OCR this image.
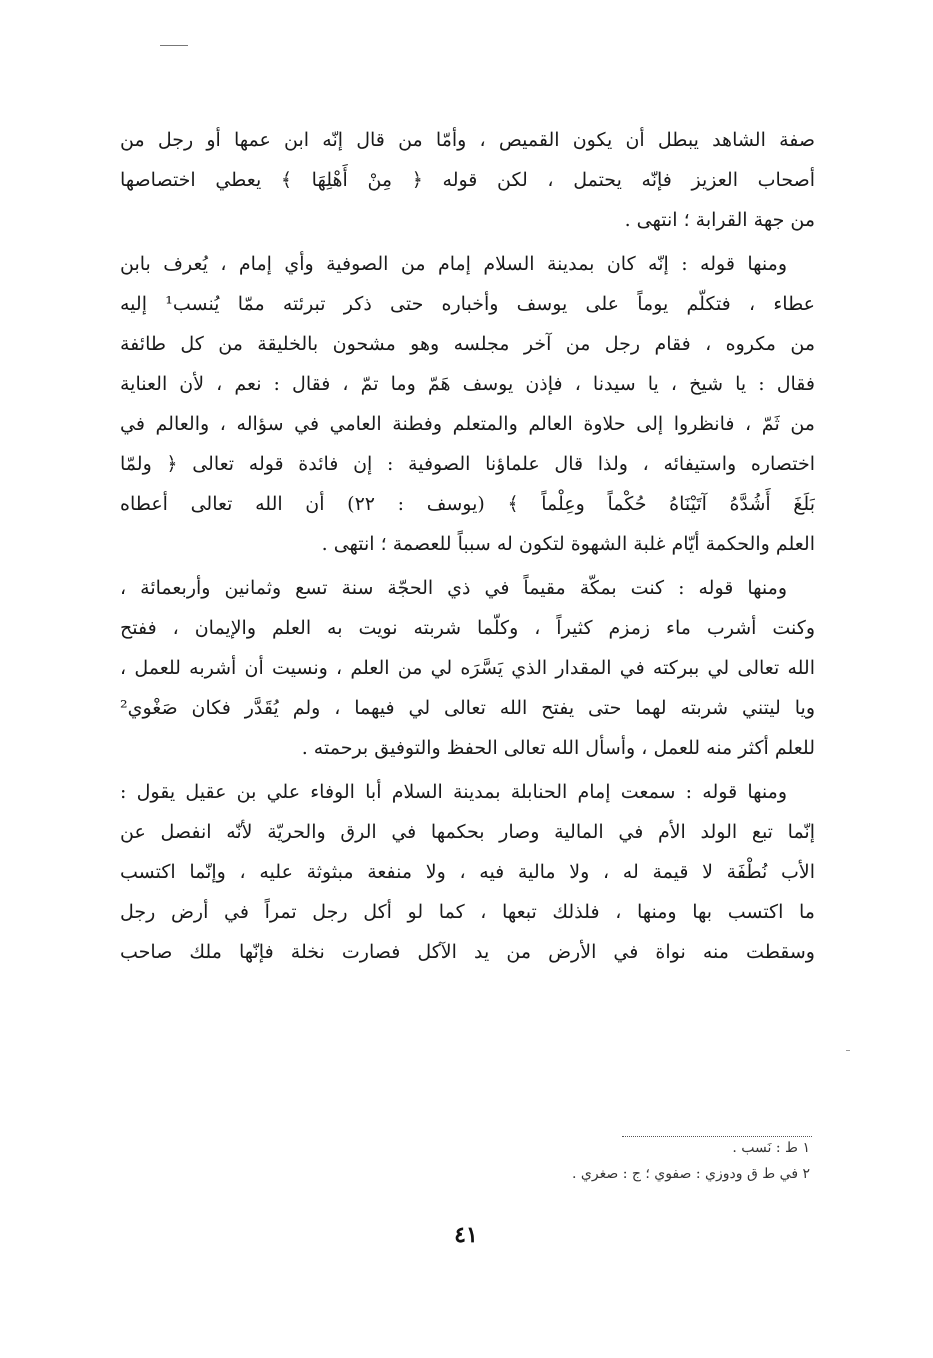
صفة الشاهد يبطل أن يكون القميص ، وأمّا من قال إنّه ابن عمها أو رجل من
أصحاب العزيز فإنّه يحتمل ، لكن قوله ﴿ مِنْ أَهْلِهَا ﴾ يعطي اختصاصها
من جهة القرابة ؛ انتهى .
ومنها قوله : إنّه كان بمدينة السلام إمام من الصوفية وأي إمام ، يُعرف بابن
عطاء ، فتكلّم يوماً على يوسف وأخباره حتى ذكر تبرئته ممّا يُنسب¹ إليه
من مكروه ، فقام رجل من آخر مجلسه وهو مشحون بالخليقة من كل طائفة
فقال : يا شيخ ، يا سيدنا ، فإذن يوسف هَمّ وما تمّ ، فقال : نعم ، لأن العناية
من ثَمّ ، فانظروا إلى حلاوة العالم والمتعلم وفطنة العامي في سؤاله ، والعالم في
اختصاره واستيفائه ، ولذا قال علماؤنا الصوفية : إن فائدة قوله تعالى ﴿ ولمّا
بَلَغَ أَشُدَّهُ آتَيْنَاهُ حُكْماً وعِلْماً ﴾ (يوسف : ٢٢) أن الله تعالى أعطاه
العلم والحكمة أيّام غلبة الشهوة لتكون له سبباً للعصمة ؛ انتهى .
ومنها قوله : كنت بمكّة مقيماً في ذي الحجّة سنة تسع وثمانين وأربعمائة ،
وكنت أشرب ماء زمزم كثيراً ، وكلّما شربته نويت به العلم والإيمان ، ففتح
الله تعالى لي ببركته في المقدار الذي يَسَّرَه لي من العلم ، ونسيت أن أشربه للعمل ،
ويا ليتني شربته لهما حتى يفتح الله تعالى لي فيهما ، ولم يُقَدَّر فكان صَغْوي²
للعلم أكثر منه للعمل ، وأسأل الله تعالى الحفظ والتوفيق برحمته .
ومنها قوله : سمعت إمام الحنابلة بمدينة السلام أبا الوفاء علي بن عقيل يقول :
إنّما تبع الولد الأم في المالية وصار بحكمها في الرق والحريّة لأنّه انفصل عن
الأب نُطْفَة لا قيمة له ، ولا مالية فيه ، ولا منفعة مبثوثة عليه ، وإنّما اكتسب
ما اكتسب بها ومنها ، فلذلك تبعها ، كما لو أكل رجل تمراً في أرض رجل
وسقطت منه نواة في الأرض من يد الآكل فصارت نخلة فإنّها ملك صاحب
١ ط : نَسب .
٢ في ط ق ودوزي : صفوي ؛ ج : صغري .
٤١
